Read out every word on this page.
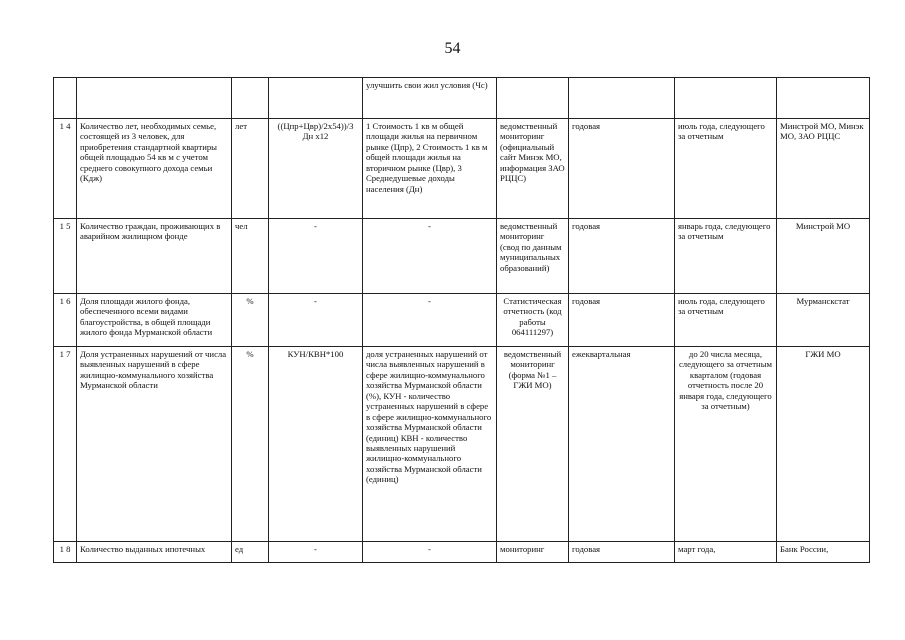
54
				улучшить свои жил условия (Чс)				
1 4	Количество лет, необходимых семье, состоящей из 3 человек, для приобретения стандартной квартиры общей площадью 54 кв м с учетом среднего совокупного дохода семьи (Кдж)	лет	((Цпр+Цвр)/2х54))/3 Дн х12	1 Стоимость 1 кв м общей площади жилья на первичном рынке (Цпр), 2 Стоимость 1 кв м общей площади жилья на вторичном рынке (Цвр), 3 Среднедушевые доходы населения (Дн)	ведомственный мониторинг (официальный сайт Минэк МО, информация ЗАО РЦЦС)	годовая	июль года, следующего за отчетным	Минстрой МО, Минэк МО, ЗАО РЦЦС
1 5	Количество граждан, проживающих в аварийном жилищном фонде	чел	-	-	ведомственный мониторинг (свод по данным муниципальных образований)	годовая	январь года, следующего за отчетным	Минстрой МО
1 6	Доля площади жилого фонда, обеспеченного всеми видами благоустройства, в общей площади жилого фонда Мурманской области	%	-	-	Статистическая отчетность (код работы 064111297)	годовая	июль года, следующего за отчетным	Мурманскстат
1 7	Доля устраненных нарушений от числа выявленных нарушений в сфере жилищно-коммунального хозяйства Мурманской области	%	КУН/КВН*100	доля устраненных нарушений от числа выявленных нарушений в сфере жилищно-коммунального хозяйства Мурманской области (%), КУН - количество устраненных нарушений в сфере в сфере жилищно-коммунального хозяйства Мурманской области (единиц) КВН - количество выявленных нарушений жилищно-коммунального хозяйства Мурманской области (единиц)	ведомственный мониторинг (форма №1 – ГЖИ МО)	ежеквартальная	до 20 числа месяца, следующего за отчетным кварталом (годовая отчетность после 20 января года, следующего за отчетным)	ГЖИ МО
1 8	Количество выданных ипотечных	ед	-	-	мониторинг	годовая	март года,	Банк России,
